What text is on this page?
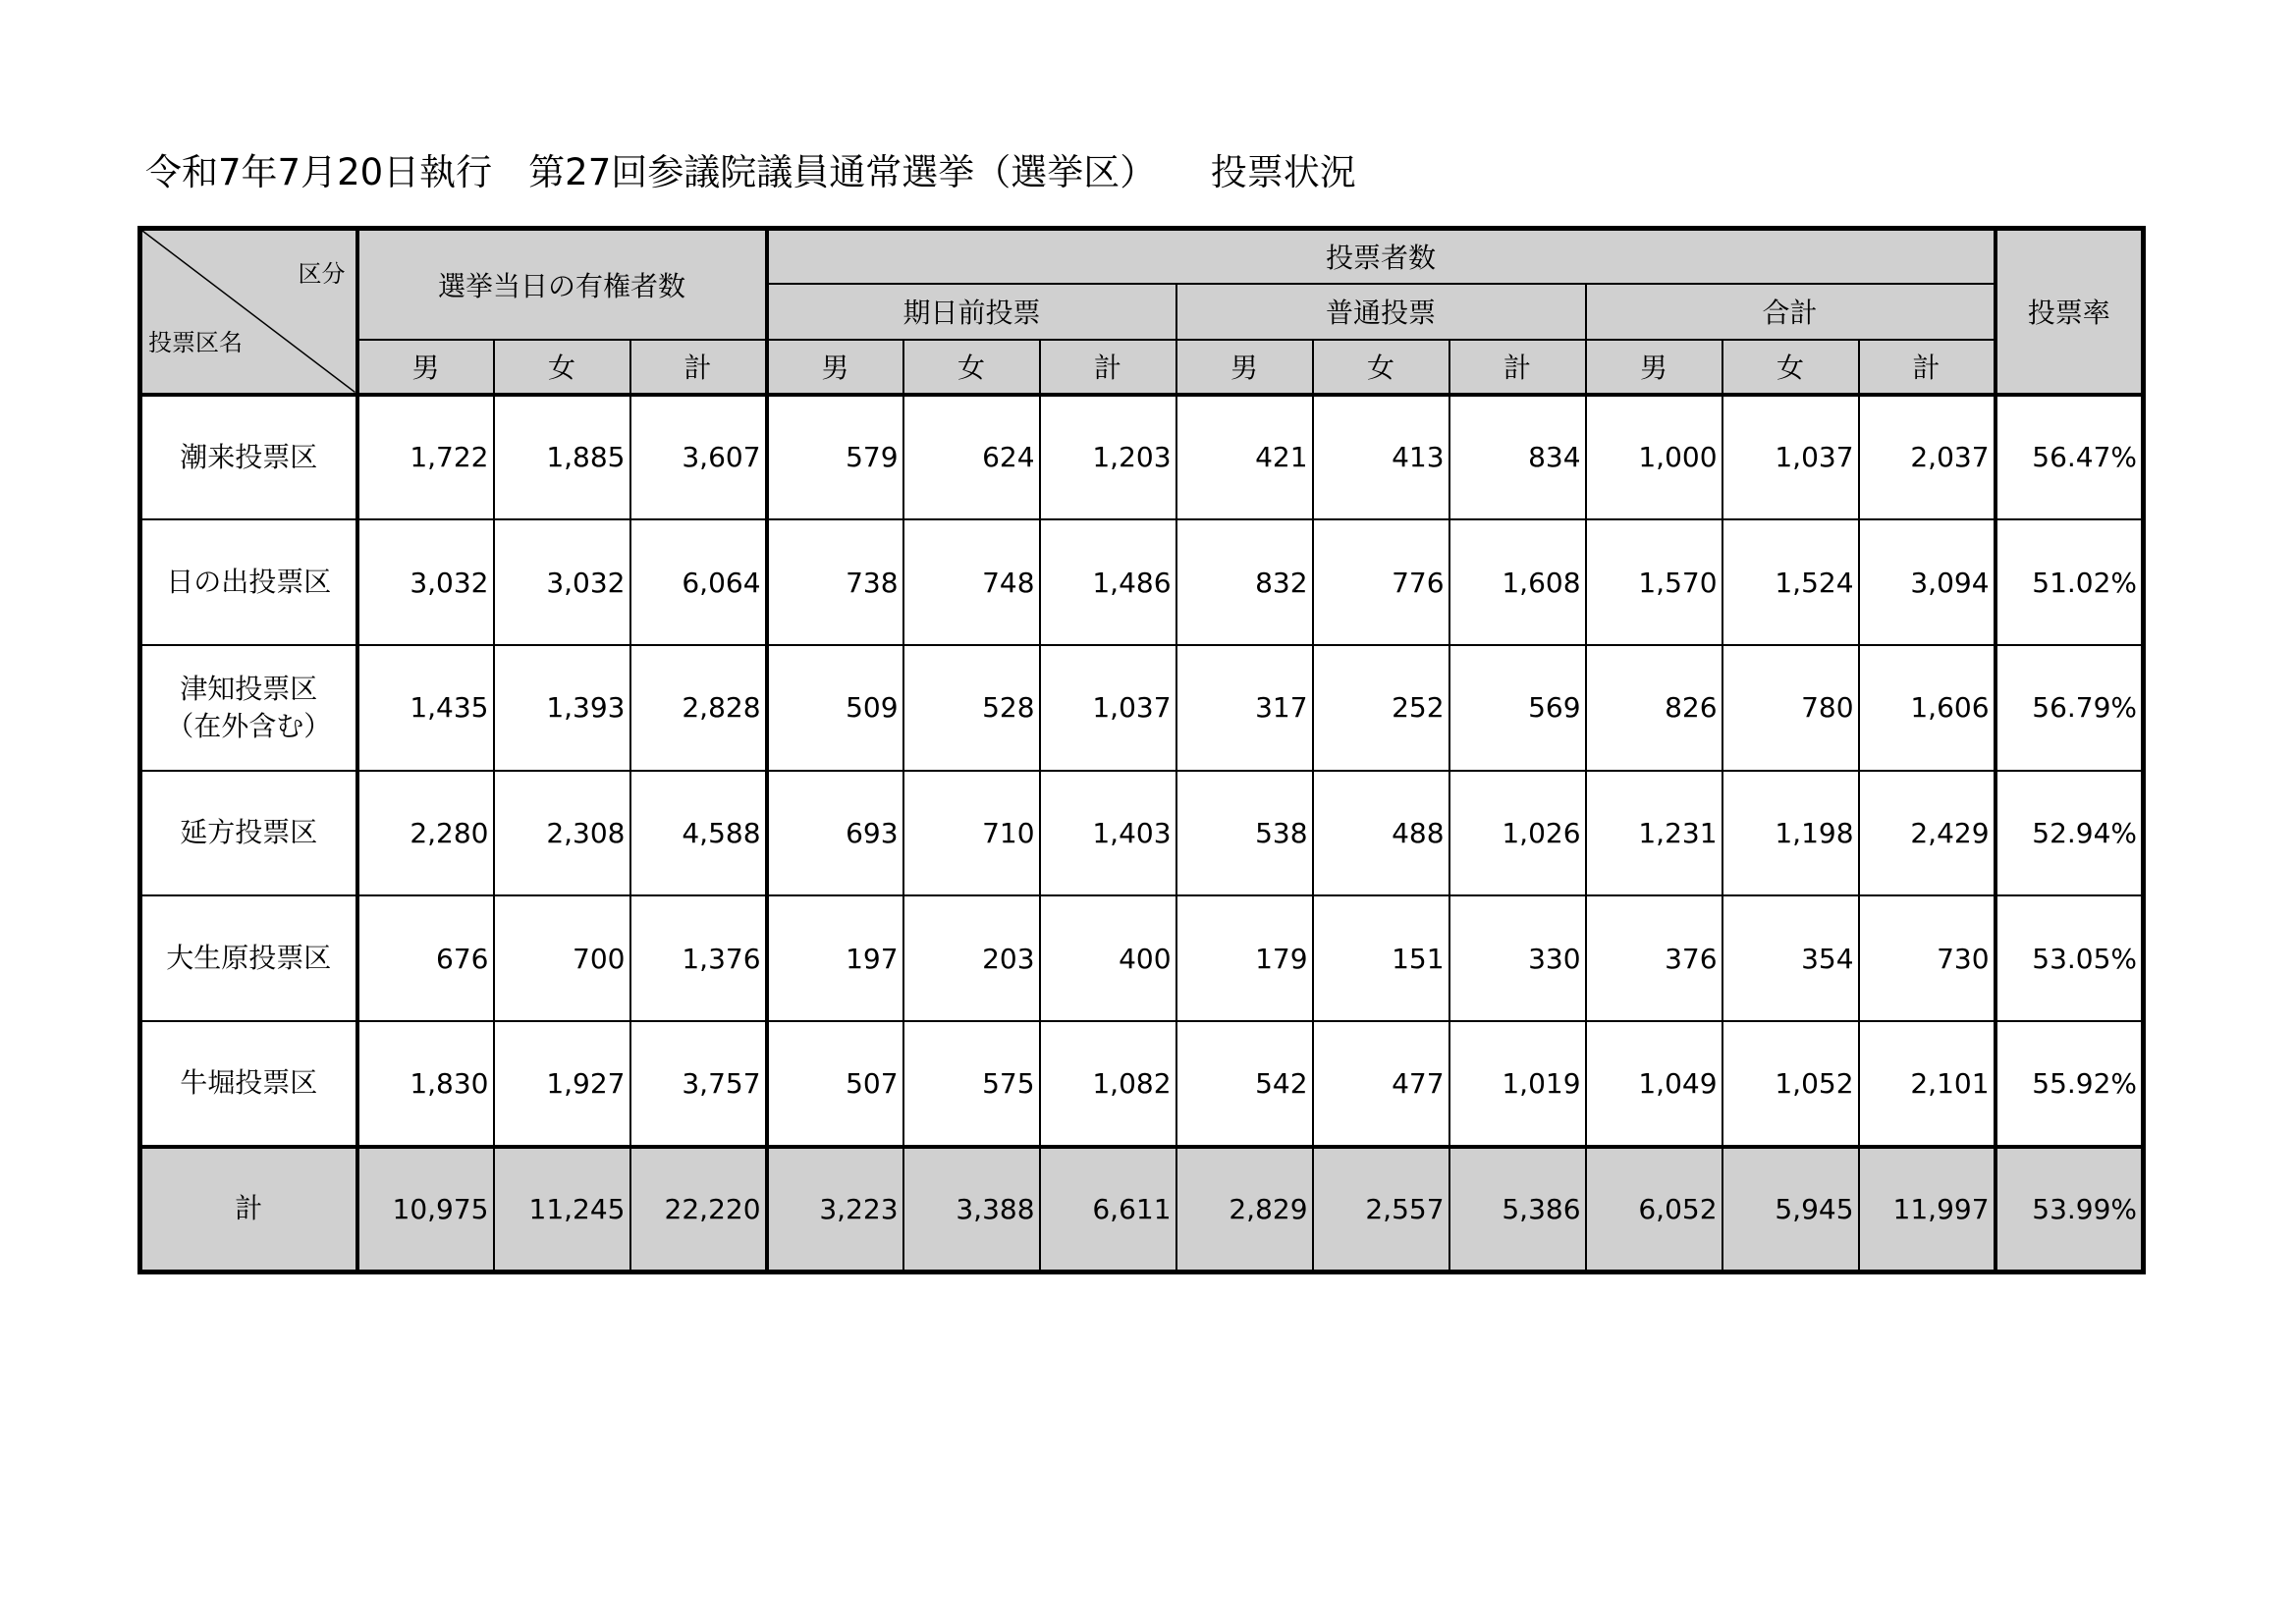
令和7年7月20日執行　第27回参議院議員通常選挙（選挙区）　　投票状況
区分
投票区名	選挙当日の有権者数			投票者数									投票率
				期日前投票			普通投票			合計			
	男	女	計	男	女	計	男	女	計	男	女	計	

潮来投票区	1,722	1,885	3,607	579	624	1,203	421	413	834	1,000	1,037	2,037	56.47%

日の出投票区	3,032	3,032	6,064	738	748	1,486	832	776	1,608	1,570	1,524	3,094	51.02%

津知投票区
（在外含む）	1,435	1,393	2,828	509	528	1,037	317	252	569	826	780	1,606	56.79%

延方投票区	2,280	2,308	4,588	693	710	1,403	538	488	1,026	1,231	1,198	2,429	52.94%

大生原投票区	676	700	1,376	197	203	400	179	151	330	376	354	730	53.05%

牛堀投票区	1,830	1,927	3,757	507	575	1,082	542	477	1,019	1,049	1,052	2,101	55.92%

計	10,975	11,245	22,220	3,223	3,388	6,611	2,829	2,557	5,386	6,052	5,945	11,997	53.99%
